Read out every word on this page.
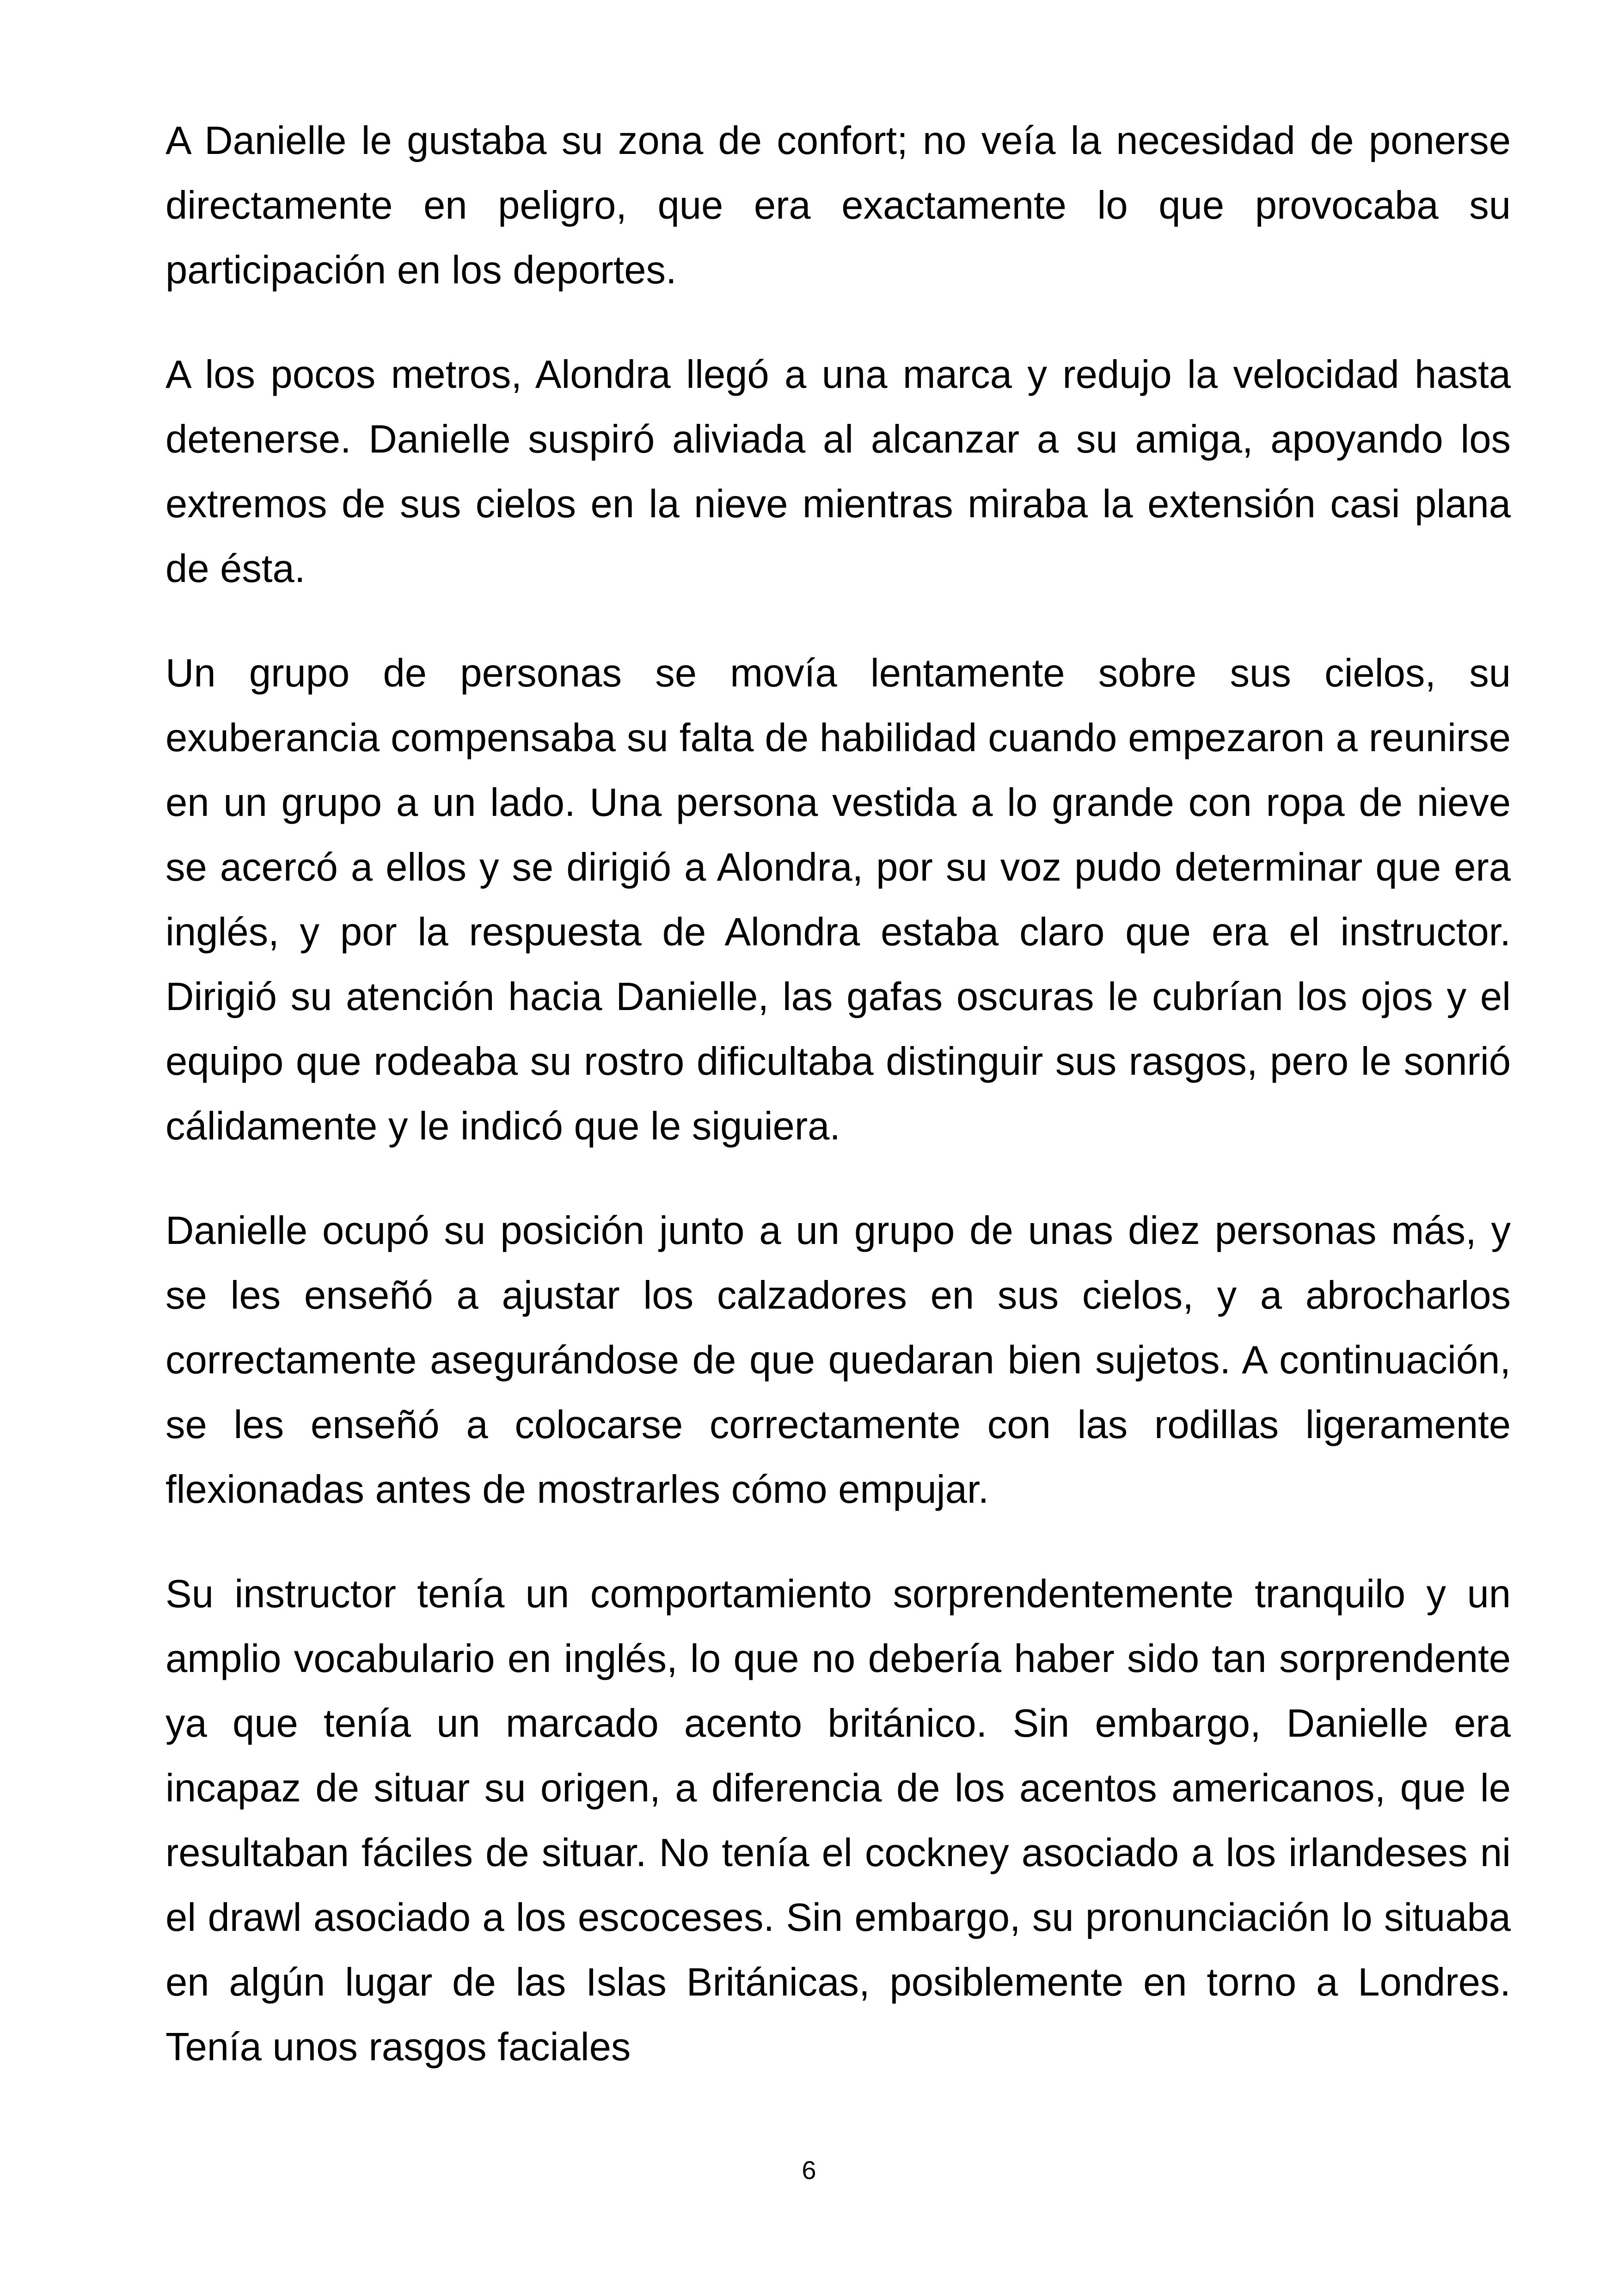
A Danielle le gustaba su zona de confort; no veía la necesidad de ponerse directamente en peligro, que era exactamente lo que provocaba su participación en los deportes.

A los pocos metros, Alondra llegó a una marca y redujo la velocidad hasta detenerse. Danielle suspiró aliviada al alcanzar a su amiga, apoyando los extremos de sus cielos en la nieve mientras miraba la extensión casi plana de ésta.

Un grupo de personas se movía lentamente sobre sus cielos, su exuberancia compensaba su falta de habilidad cuando empezaron a reunirse en un grupo a un lado. Una persona vestida a lo grande con ropa de nieve se acercó a ellos y se dirigió a Alondra, por su voz pudo determinar que era inglés, y por la respuesta de Alondra estaba claro que era el instructor. Dirigió su atención hacia Danielle, las gafas oscuras le cubrían los ojos y el equipo que rodeaba su rostro dificultaba distinguir sus rasgos, pero le sonrió cálidamente y le indicó que le siguiera.

Danielle ocupó su posición junto a un grupo de unas diez personas más, y se les enseñó a ajustar los calzadores en sus cielos, y a abrocharlos correctamente asegurándose de que quedaran bien sujetos. A continuación, se les enseñó a colocarse correctamente con las rodillas ligeramente flexionadas antes de mostrarles cómo empujar.

Su instructor tenía un comportamiento sorprendentemente tranquilo y un amplio vocabulario en inglés, lo que no debería haber sido tan sorprendente ya que tenía un marcado acento británico. Sin embargo, Danielle era incapaz de situar su origen, a diferencia de los acentos americanos, que le resultaban fáciles de situar. No tenía el cockney asociado a los irlandeses ni el drawl asociado a los escoceses. Sin embargo, su pronunciación lo situaba en algún lugar de las Islas Británicas, posiblemente en torno a Londres. Tenía unos rasgos faciales

6
